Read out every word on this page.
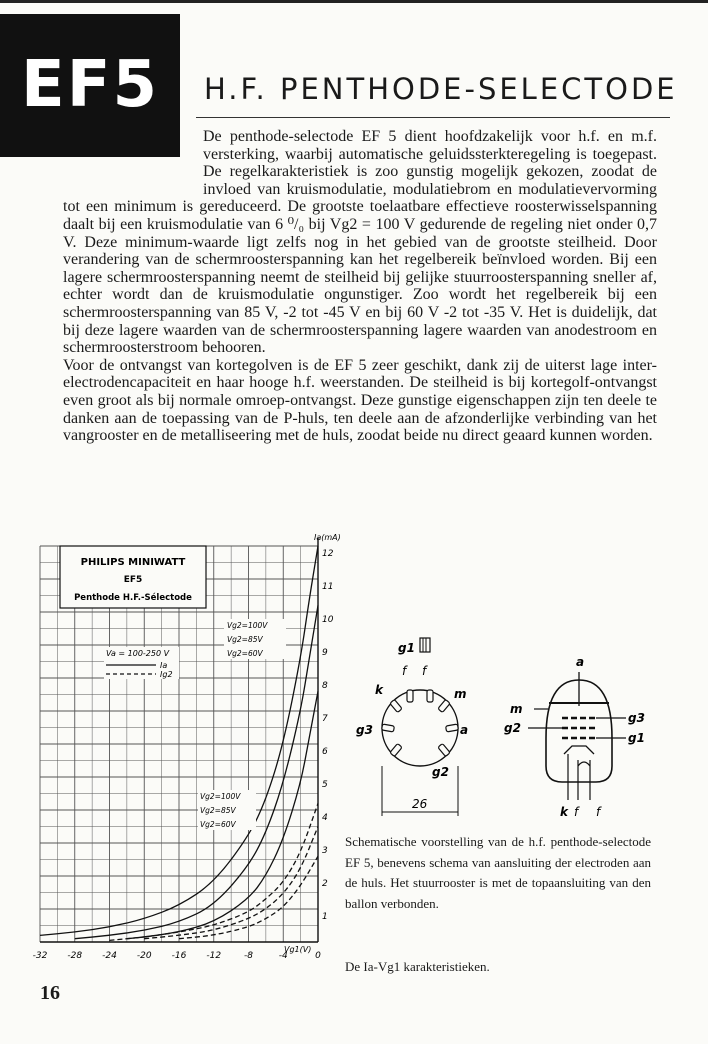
EF5	H.F. PENTHODE-SELECTODE

De penthode-selectode EF 5 dient hoofdzakelijk voor h.f. en m.f. versterking, waarbij automatische geluidssterkteregeling is toegepast. De regelkarakteristiek is zoo gunstig mogelijk gekozen, zoodat de invloed van kruismodulatie, modulatiebrom en modulatievervorming tot een minimum is gereduceerd. De grootste toelaatbare effectieve roosterwisselspanning daalt bij een kruismodulatie van 6 ⁰/₀ bij Vg2 = 100 V gedurende de regeling niet onder 0,7 V. Deze minimum-waarde ligt zelfs nog in het gebied van de grootste steilheid. Door verandering van de schermroosterspanning kan het regelbereik beïnvloed worden. Bij een lagere schermroosterspanning neemt de steilheid bij gelijke stuurroosterspanning sneller af, echter wordt dan de kruismodulatie ongunstiger. Zoo wordt het regelbereik bij een schermroosterspanning van 85 V, -2 tot -45 V en bij 60 V -2 tot -35 V. Het is duidelijk, dat bij deze lagere waarden van de schermroosterspanning lagere waarden van anodestroom en schermroosterstroom behooren.

Voor de ontvangst van kortegolven is de EF 5 zeer geschikt, dank zij de uiterst lage inter-electrodencapaciteit en haar hooge h.f. weerstanden. De steilheid is bij kortegolf-ontvangst even groot als bij normale omroep-ontvangst. Deze gunstige eigenschappen zijn ten deele te danken aan de toepassing van de P-huls, ten deele aan de afzonderlijke verbinding van het vangrooster en de metalliseering met de huls, zoodat beide nu direct geaard kunnen worden.

-32 -28 -24 -20 -16 -12	-8	-4	0
1
2
3
4
5
6
7
8
9
10
11
12
PHILIPS MINIWATT
EF5
Penthode H.F.-Sélectode
Va = 100-250 V
Ia
Ig2
Vg2=100V
Vg2=85V
Vg2=60V
Vg2=100V
Vg2=85V
Vg2=60V
Ia(mA)
Vg1(V)
g1
f f
k	m
g3	a
g2
26
a
m
g2
g3
g1
k f f
Schematische voorstelling van de h.f. penthode-selectode EF 5, benevens schema van aansluiting der electroden aan de huls. Het stuurrooster is met de topaansluiting van den ballon verbonden.
De Ia-Vg1 karakteristieken.
16
